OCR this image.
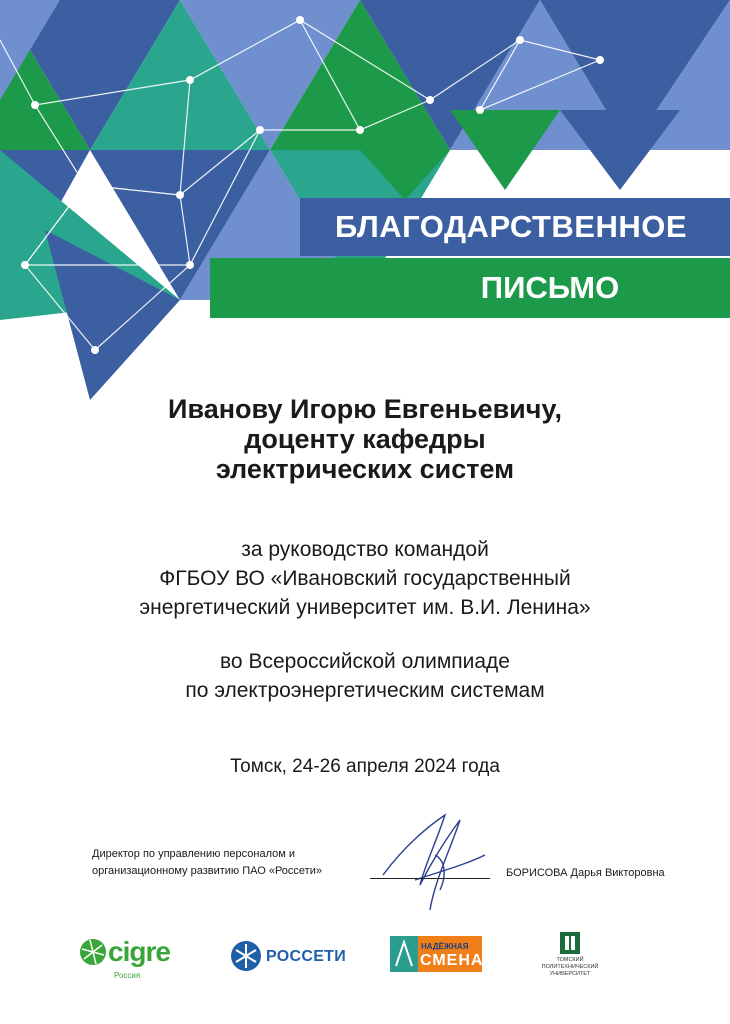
БЛАГОДАРСТВЕННОЕ
ПИСЬМО
Иванову Игорю Евгеньевичу,
доценту кафедры
электрических систем
за руководство командой
ФГБОУ ВО «Ивановский государственный
энергетический университет им. В.И. Ленина»
во Всероссийской олимпиаде
по электроэнергетическим системам
Томск, 24-26 апреля 2024 года
Директор по управлению персоналом и
организационному развитию ПАО «Россети»	БОРИСОВА Дарья Викторовна
cigre
Россия
РОССЕТИ
НАДЁЖНАЯ
СМЕНА	ТОМСКИЙ
ПОЛИТЕХНИЧЕСКИЙ
УНИВЕРСИТЕТ
